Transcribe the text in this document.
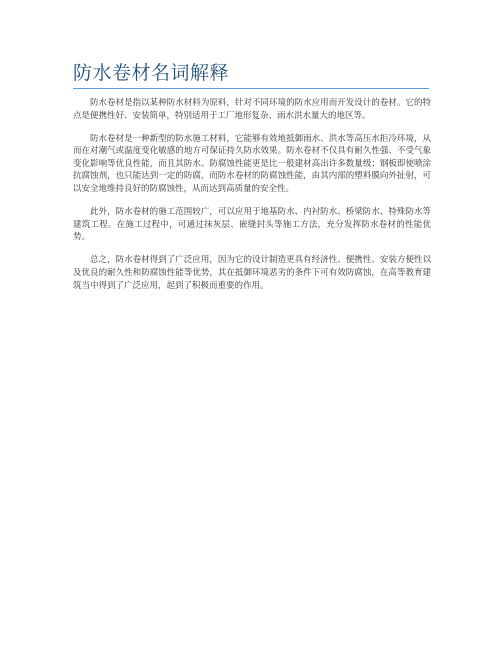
防水卷材名词解释

防水卷材是指以某种防水材料为原料，针对不同环境的防水应用而开发设计的卷材。它的特点是便携性好、安装简单，特别适用于工厂地形复杂、雨水洪水量大的地区等。

防水卷材是一种新型的防水施工材料，它能够有效地抵御雨水、洪水等高压水拒冷环境，从而在对潮气或温度变化敏感的地方可保证持久防水效果。防水卷材不仅具有耐久性强、不受气象变化影响等优良性能，而且其防水、防腐蚀性能更是比一般建材高出许多数量级；钢板即使喷涂抗腐蚀剂，也只能达到一定的防腐，而防水卷材的防腐蚀性能，由其内部的塑料膜向外扯射，可以安全地维持良好的防腐蚀性，从而达到高质量的安全性。

此外，防水卷材的施工范围较广，可以应用于地基防水、内衬防水、桥梁防水、特殊防水等建筑工程。在施工过程中，可通过抹灰层、嵌缝封头等施工方法，充分发挥防水卷材的性能优势。

总之，防水卷材得到了广泛应用，因为它的设计制造更具有经济性、便携性、安装方便性以及优良的耐久性和防腐蚀性能等优势，其在抵御环境恶劣的条件下可有效防腐蚀，在高等教育建筑当中得到了广泛应用，起到了积极而重要的作用。
